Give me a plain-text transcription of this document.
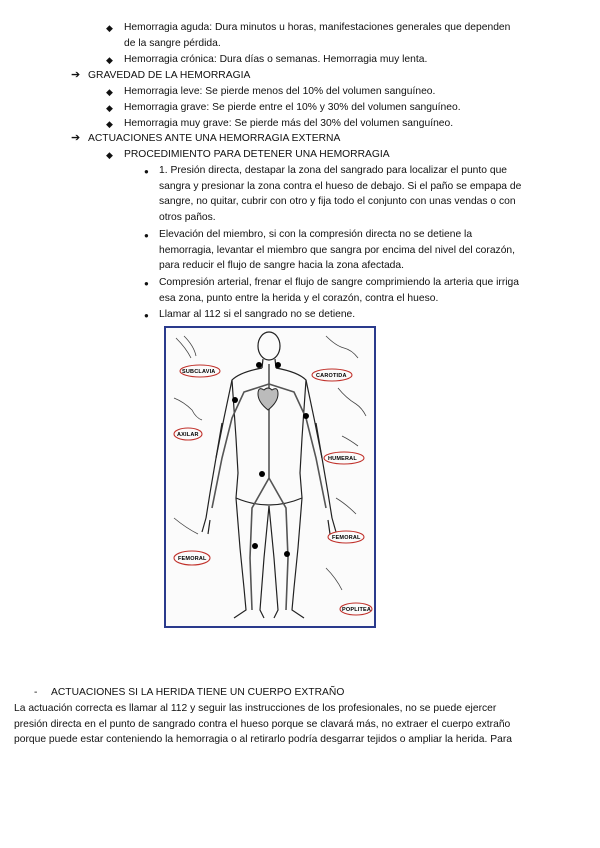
◆ Hemorragia aguda: Dura minutos u horas, manifestaciones generales que dependen de la sangre pérdida.
◆ Hemorragia crónica: Dura días o semanas. Hemorragia muy lenta.
➔ GRAVEDAD DE LA HEMORRAGIA
◆ Hemorragia leve: Se pierde menos del 10% del volumen sanguíneo.
◆ Hemorragia grave: Se pierde entre el 10% y 30% del volumen sanguíneo.
◆ Hemorragia muy grave: Se pierde más del 30% del volumen sanguíneo.
➔ ACTUACIONES ANTE UNA HEMORRAGIA EXTERNA
◆ PROCEDIMIENTO PARA DETENER UNA HEMORRAGIA
● 1. Presión directa, destapar la zona del sangrado para localizar el punto que sangra y presionar la zona contra el hueso de debajo. Si el paño se empapa de sangre, no quitar, cubrir con otro y fija todo el conjunto con unas vendas o con otros paños.
● Elevación del miembro, si con la compresión directa no se detiene la hemorragia, levantar el miembro que sangra por encima del nivel del corazón, para reducir el flujo de sangre hacia la zona afectada.
● Compresión arterial, frenar el flujo de sangre comprimiendo la arteria que irriga esa zona, punto entre la herida y el corazón, contra el hueso.
● Llamar al 112 si el sangrado no se detiene.
SUBCLAVIA
CAROTIDA
AXILAR
HUMERAL
FEMORAL
FEMORAL
POPLITEA
- ACTUACIONES SI LA HERIDA TIENE UN CUERPO EXTRAÑO
La actuación correcta es llamar al 112 y seguir las instrucciones de los profesionales, no se puede ejercer presión directa en el punto de sangrado contra el hueso porque se clavará más, no extraer el cuerpo extraño porque puede estar conteniendo la hemorragia o al retirarlo podría desgarrar tejidos o ampliar la herida. Para
